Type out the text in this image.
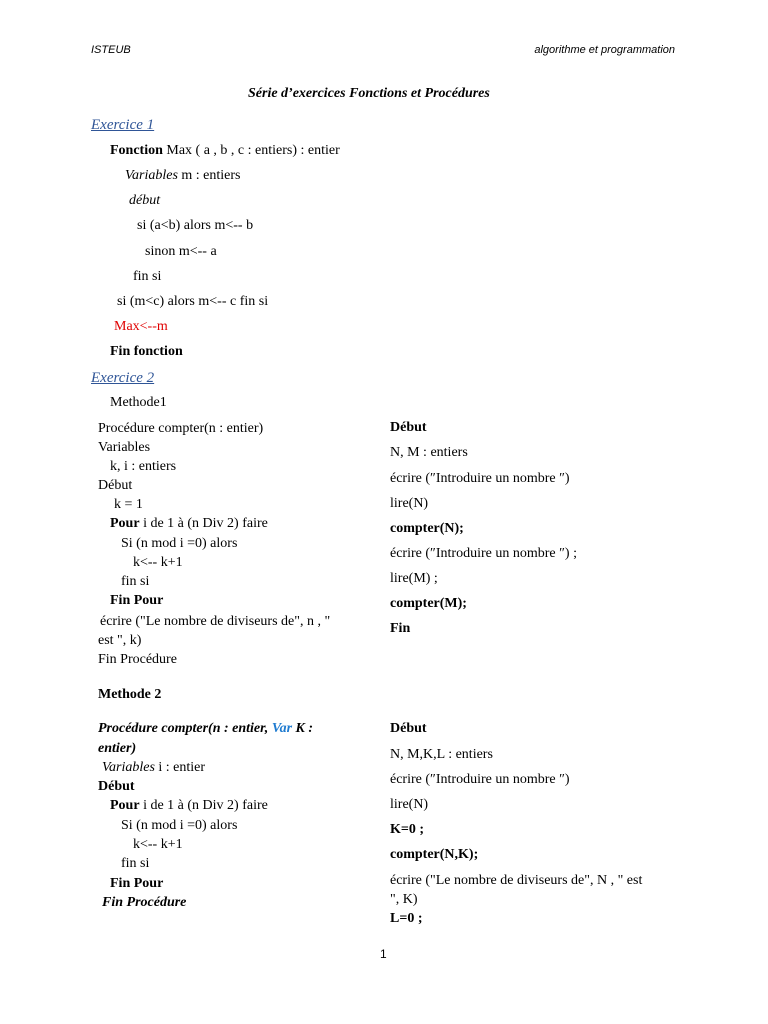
ISTEUB	algorithme et programmation
Série d’exercices Fonctions et Procédures
Exercice 1
Fonction Max ( a , b , c : entiers) : entier
Variables m : entiers
début
si (a<b) alors m<-- b
sinon m<-- a
fin si
si (m<c) alors m<-- c fin si
Max<--m
Fin fonction
Exercice 2
Methode1
Procédure compter(n : entier)
Variables
k, i : entiers
Début
k = 1
Pour i de 1 à (n Div 2) faire
Si (n mod i =0) alors
k<-- k+1
fin si
Fin Pour
écrire ("Le nombre de diviseurs de", n , "
est ", k)
Fin Procédure
Début
N, M : entiers
écrire (″Introduire un nombre ″)
lire(N)
compter(N);
écrire (″Introduire un nombre ″) ;
lire(M) ;
compter(M);
Fin
Methode 2
Procédure compter(n : entier, Var K :
entier)
Variables i : entier
Début
Pour i de 1 à (n Div 2) faire
Si (n mod i =0) alors
k<-- k+1
fin si
Fin Pour
Fin Procédure
Début
N, M,K,L : entiers
écrire (″Introduire un nombre ″)
lire(N)
K=0 ;
compter(N,K);
écrire ("Le nombre de diviseurs de", N , " est
", K)
L=0 ;
1
